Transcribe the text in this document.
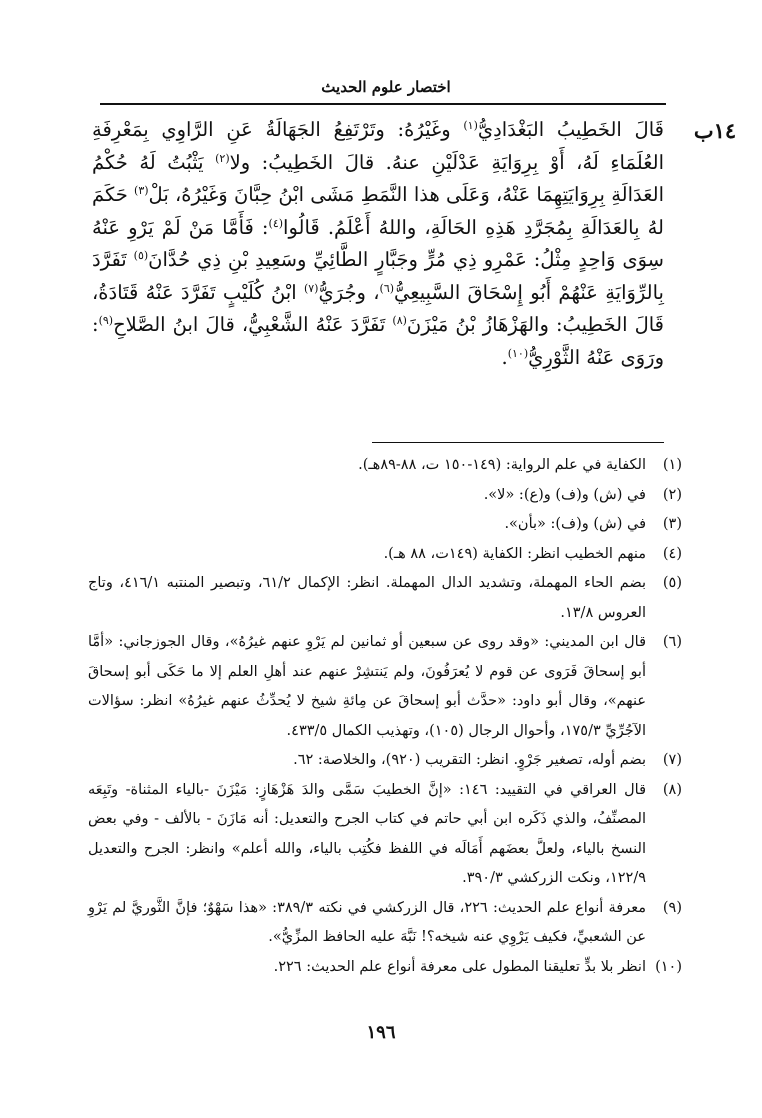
اختصار علوم الحديث
١٤ب
قَالَ الخَطِيبُ البَغْدَادِيُّ$^{(١)}$ وغَيْرُهُ: وتَرْتَفِعُ الجَهَالَةُ عَنِ الرَّاوِي بِمَعْرِفَةِ العُلَمَاءِ لَهُ، أَوْ بِرِوَايَةِ عَدْلَيْنِ عنهُ. قالَ الخَطِيبُ: ولا$^{(٢)}$ يَثْبُتُ لَهُ حُكْمُ العَدَالَةِ بِرِوَايَتِهِمَا عَنْهُ، وَعَلَى هذا النَّمَطِ مَشَى ابْنُ حِبَّانَ وَغَيْرُهُ، بَلْ$^{(٣)}$ حَكَمَ لهُ بِالعَدَالَةِ بِمُجَرَّدِ هَذِهِ الحَالَةِ، واللهُ أَعْلَمُ. قَالُوا$^{(٤)}$: فَأَمَّا مَنْ لَمْ يَرْوِ عَنْهُ سِوَى وَاحِدٍ مِثْلُ: عَمْرِو ذِي مُرٍّ وجَبَّارٍ الطَّائِيِّ وسَعِيدِ بْنِ ذِي حُدَّانَ$^{(٥)}$ تَفَرَّدَ بِالرِّوَايَةِ عَنْهُمْ أَبُو إِسْحَاقَ السَّبِيعِيُّ$^{(٦)}$، وجُرَيُّ$^{(٧)}$ ابْنُ كُلَيْبٍ تَفَرَّدَ عَنْهُ قَتَادَةُ، قَالَ الخَطِيبُ: والهَزْهَازُ بْنُ مَيْزَنَ$^{(٨)}$ تَفَرَّدَ عَنْهُ الشَّعْبِيُّ، قالَ ابنُ الصَّلاحِ$^{(٩)}$: ورَوَى عَنْهُ الثَّوْرِيُّ$^{(١٠)}$.
(١)
الكفاية في علم الرواية: (١٤٩-١٥٠ ت، ٨٨-٨٩هـ).
(٢)
في (ش) و(ف) و(ع): «لا».
(٣)
في (ش) و(ف): «بأن».
(٤)
منهم الخطيب انظر: الكفاية (١٤٩ت، ٨٨ هـ).
(٥)
بضم الحاء المهملة، وتشديد الدال المهملة. انظر: الإكمال ٦١/٢، وتبصير المنتبه ٤١٦/١، وتاج العروس ١٣/٨.
(٦)
قال ابن المديني: «وقد روى عن سبعين أو ثمانين لم يَرْوِ عنهم غيرُهُ»، وقال الجوزجاني: «أمَّا أبو إسحاقَ فَرَوى عن قوم لا يُعرَفُونَ، ولم يَنتشِرْ عنهم عند أهلِ العلم إلا ما حَكَى أبو إسحاقَ عنهم»، وقال أبو داود: «حدَّث أبو إسحاقَ عن مِائةِ شيخ لا يُحدِّثُ عنهم غيرُهُ» انظر: سؤالات الآجُرِّيِّ ١٧٥/٣، وأحوال الرجال (١٠٥)، وتهذيب الكمال ٤٣٣/٥.
(٧)
بضم أوله، تصغير جَرْوٍ. انظر: التقريب (٩٢٠)، والخلاصة: ٦٢.
(٨)
قال العراقي في التقييد: ١٤٦: «إنَّ الخطيبَ سَمَّى والدَ هَزْهَازٍ: مَيْزَنَ -بالياء المثناة- وتَبِعَه المصنِّفُ، والذي ذَكَره ابن أبي حاتم في كتاب الجرح والتعديل: أنه مَازَنَ - بالألف - وفي بعض النسخ بالياء، ولعلَّ بعضَهم أَمَالَه في اللفظ فكُتِب بالياء، والله أعلم» وانظر: الجرح والتعديل ١٢٢/٩، ونكت الزركشي ٣٩٠/٣.
(٩)
معرفة أنواع علم الحديث: ٢٢٦، قال الزركشي في نكته ٣٨٩/٣: «هذا سَهْوٌ؛ فإنَّ الثَّوريَّ لم يَرْوِ عن الشعبيِّ، فكيف يَرْوِي عنه شيخه؟! نَبَّهَ عليه الحافظ المزِّيُّ».
(١٠)
انظر بلا بدٍّ تعليقنا المطول على معرفة أنواع علم الحديث: ٢٢٦.
١٩٦
